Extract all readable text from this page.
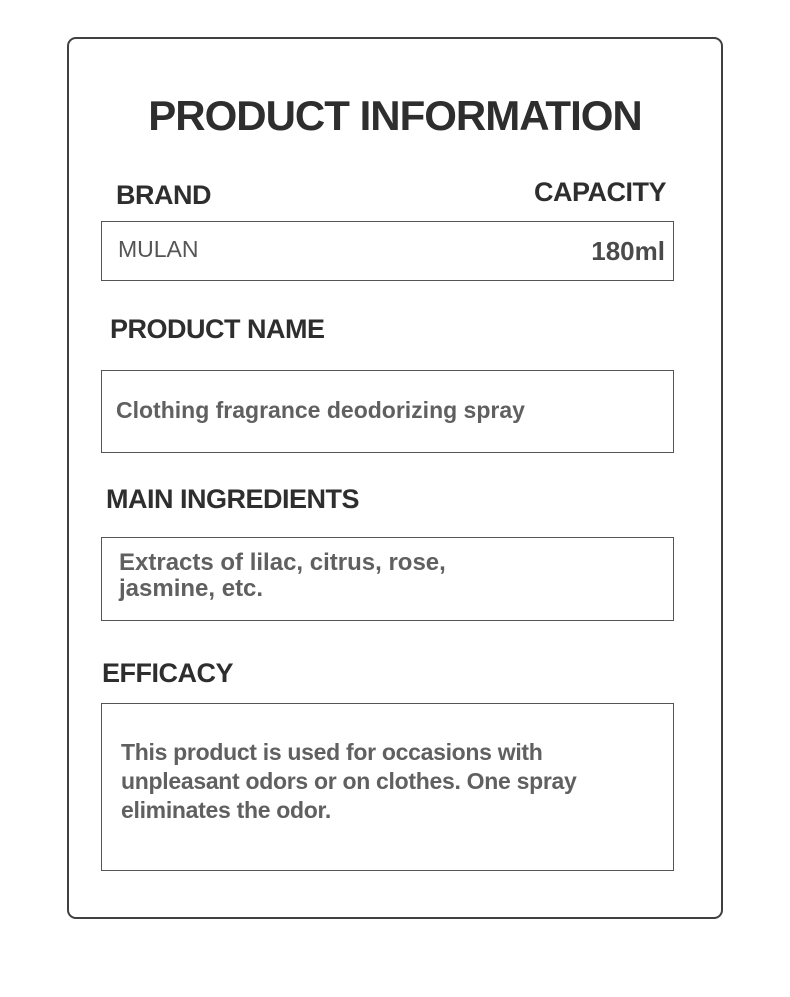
PRODUCT INFORMATION
BRAND	CAPACITY
MULAN	180ml
PRODUCT NAME
Clothing fragrance deodorizing spray
MAIN INGREDIENTS
Extracts of lilac, citrus, rose,
jasmine, etc.
EFFICACY
This product is used for occasions with
unpleasant odors or on clothes. One spray
eliminates the odor.
